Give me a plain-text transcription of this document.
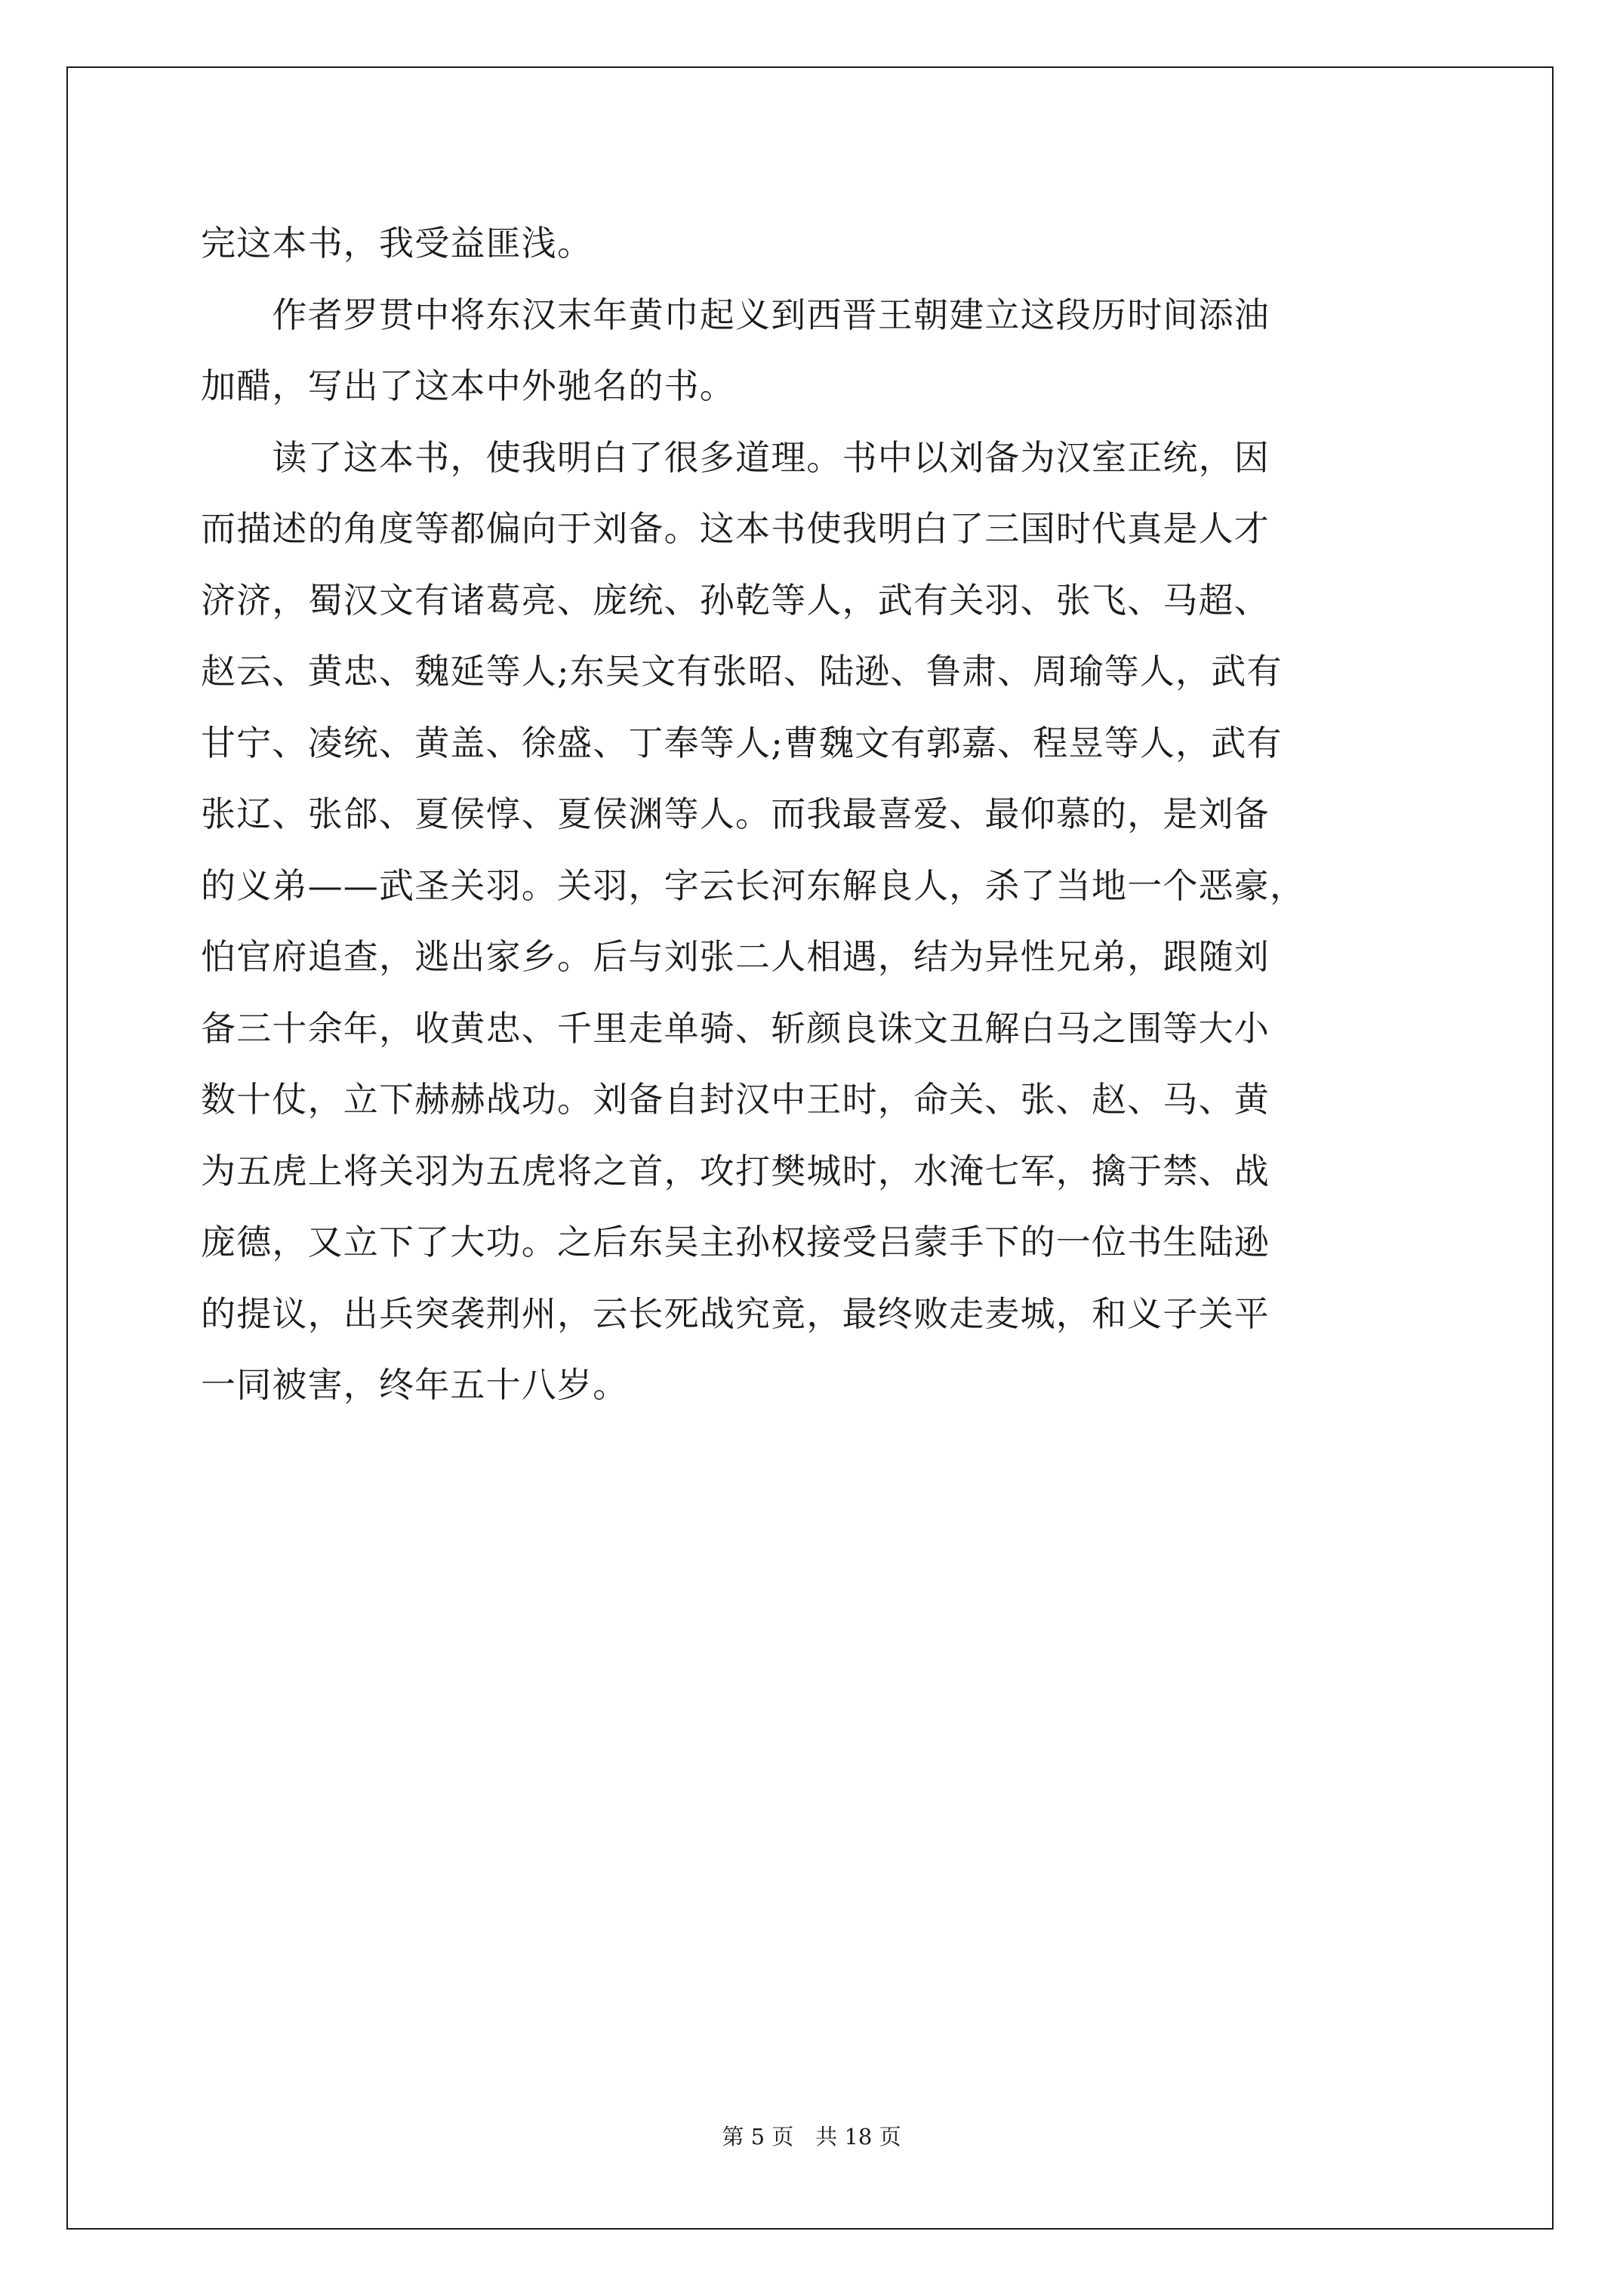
完这本书，我受益匪浅。

　　作者罗贯中将东汉末年黄巾起义到西晋王朝建立这段历时间添油

加醋，写出了这本中外驰名的书。

　　读了这本书，使我明白了很多道理。书中以刘备为汉室正统，因

而描述的角度等都偏向于刘备。这本书使我明白了三国时代真是人才

济济，蜀汉文有诸葛亮、庞统、孙乾等人，武有关羽、张飞、马超、

赵云、黄忠、魏延等人;东吴文有张昭、陆逊、鲁肃、周瑜等人，武有

甘宁、凌统、黄盖、徐盛、丁奉等人;曹魏文有郭嘉、程昱等人，武有

张辽、张郃、夏侯惇、夏侯渊等人。而我最喜爱、最仰慕的，是刘备

的义弟——武圣关羽。关羽，字云长河东解良人，杀了当地一个恶豪，

怕官府追查，逃出家乡。后与刘张二人相遇，结为异性兄弟，跟随刘

备三十余年，收黄忠、千里走单骑、斩颜良诛文丑解白马之围等大小

数十仗，立下赫赫战功。刘备自封汉中王时，命关、张、赵、马、黄

为五虎上将关羽为五虎将之首，攻打樊城时，水淹七军，擒于禁、战

庞德，又立下了大功。之后东吴主孙权接受吕蒙手下的一位书生陆逊

的提议，出兵突袭荆州，云长死战究竟，最终败走麦城，和义子关平

一同被害，终年五十八岁。

第 5 页　共 18 页
